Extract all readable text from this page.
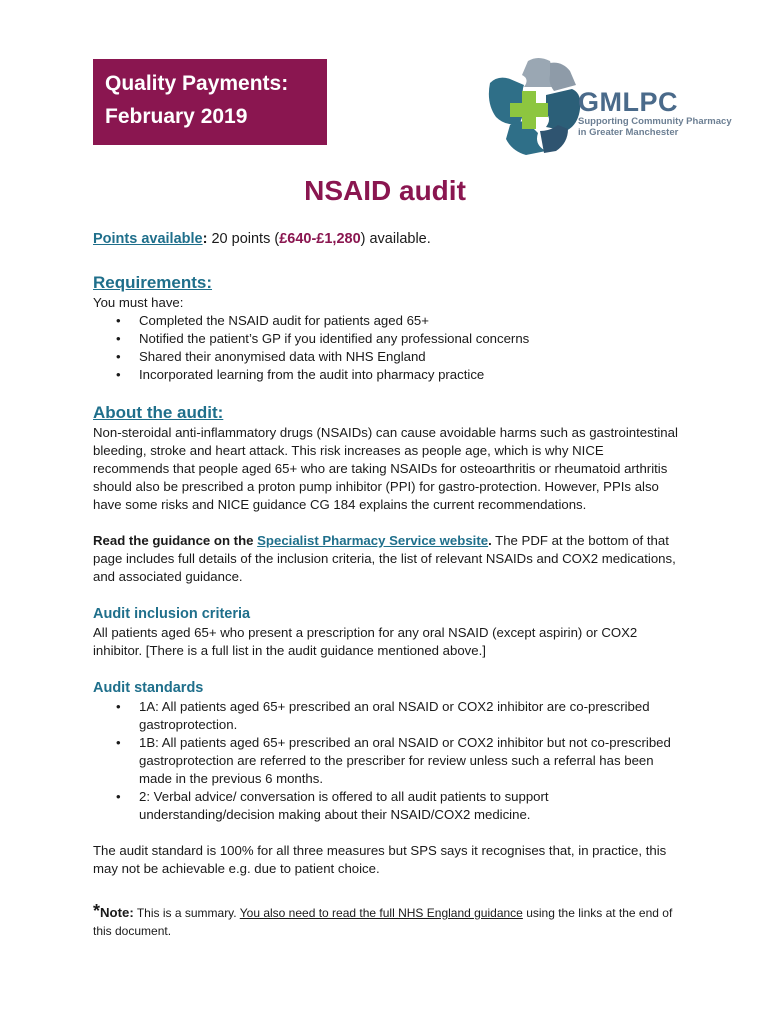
Quality Payments:
February 2019	GMLPC
Supporting Community Pharmacy
in Greater Manchester
NSAID audit
Points available: 20 points (£640-£1,280) available.
Requirements:
You must have:
• Completed the NSAID audit for patients aged 65+
• Notified the patient’s GP if you identified any professional concerns
• Shared their anonymised data with NHS England
• Incorporated learning from the audit into pharmacy practice
About the audit:
Non-steroidal anti-inflammatory drugs (NSAIDs) can cause avoidable harms such as gastrointestinal bleeding, stroke and heart attack. This risk increases as people age, which is why NICE recommends that people aged 65+ who are taking NSAIDs for osteoarthritis or rheumatoid arthritis should also be prescribed a proton pump inhibitor (PPI) for gastro-protection. However, PPIs also have some risks and NICE guidance CG 184 explains the current recommendations.
Read the guidance on the Specialist Pharmacy Service website. The PDF at the bottom of that page includes full details of the inclusion criteria, the list of relevant NSAIDs and COX2 medications, and associated guidance.
Audit inclusion criteria
All patients aged 65+ who present a prescription for any oral NSAID (except aspirin) or COX2 inhibitor. [There is a full list in the audit guidance mentioned above.]
Audit standards
• 1A: All patients aged 65+ prescribed an oral NSAID or COX2 inhibitor are co-prescribed gastroprotection.
• 1B: All patients aged 65+ prescribed an oral NSAID or COX2 inhibitor but not co-prescribed gastroprotection are referred to the prescriber for review unless such a referral has been made in the previous 6 months.
• 2: Verbal advice/ conversation is offered to all audit patients to support understanding/decision making about their NSAID/COX2 medicine.
The audit standard is 100% for all three measures but SPS says it recognises that, in practice, this may not be achievable e.g. due to patient choice.
*Note: This is a summary. You also need to read the full NHS England guidance using the links at the end of this document.
